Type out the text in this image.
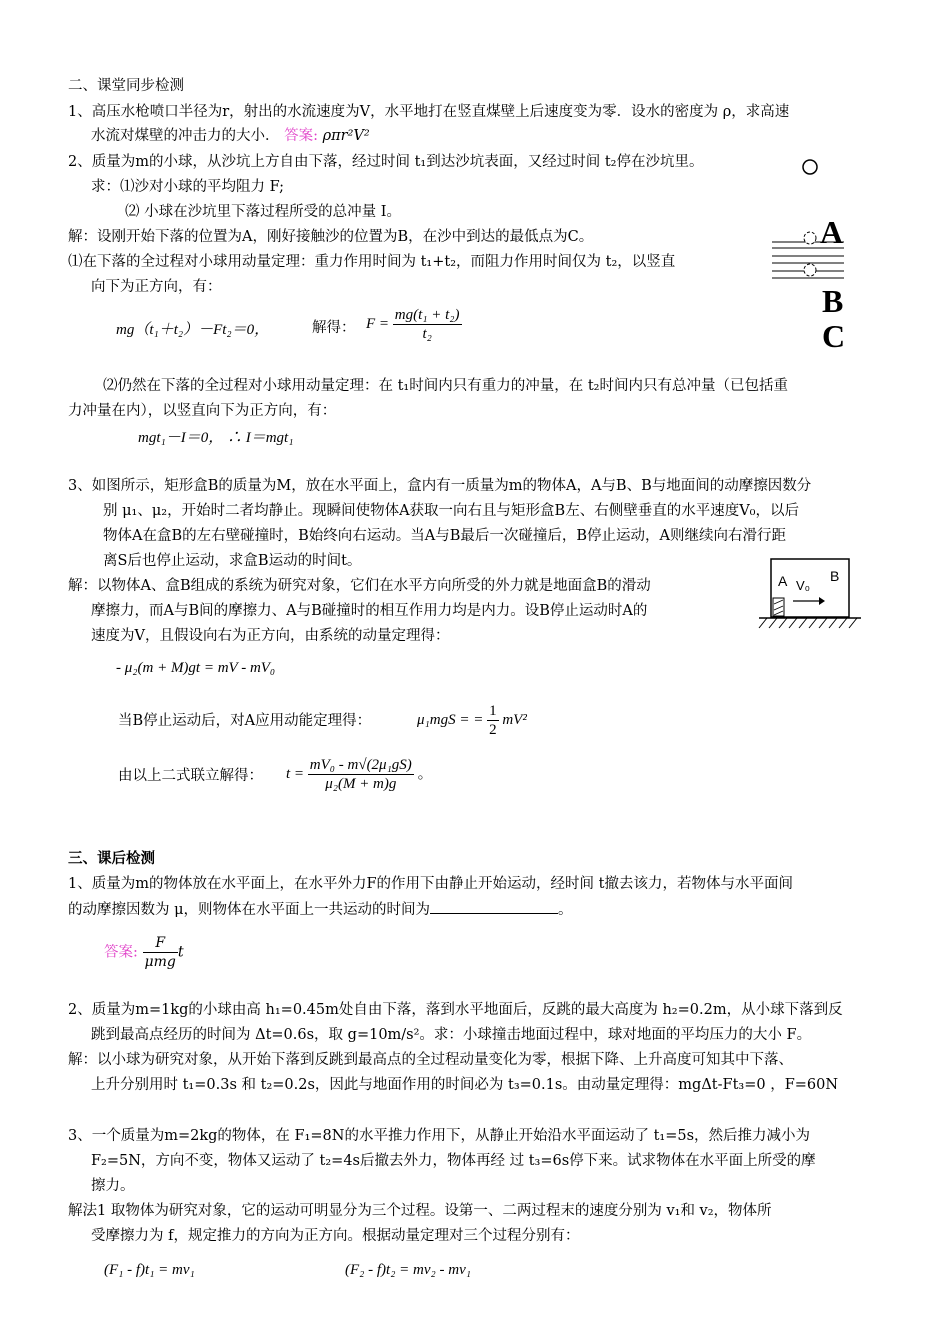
二、课堂同步检测
1、高压水枪喷口半径为r，射出的水流速度为V，水平地打在竖直煤壁上后速度变为零．设水的密度为 ρ，求高速
水流对煤壁的冲击力的大小． 答案: ρπr²V²
2、质量为m的小球，从沙坑上方自由下落，经过时间 t₁到达沙坑表面，又经过时间 t₂停在沙坑里。
求：⑴沙对小球的平均阻力 F;
⑵ 小球在沙坑里下落过程所受的总冲量 I。
解：设刚开始下落的位置为A，刚好接触沙的位置为B，在沙中到达的最低点为C。
⑴在下落的全过程对小球用动量定理：重力作用时间为 t₁+t₂，而阻力作用时间仅为 t₂，以竖直
向下为正方向，有：
mg（t₁＋t₂）－Ft₂＝0，	解得： $F = \frac{\text{mg(t₁ + t₂)}}{\text{t₂}}$
⑵仍然在下落的全过程对小球用动量定理：在 t₁时间内只有重力的冲量，在 t₂时间内只有总冲量（已包括重
力冲量在内），以竖直向下为正方向，有：
mgt₁－I＝0， ∴ I＝mgt₁
A
B
C
3、如图所示，矩形盒B的质量为M，放在水平面上，盒内有一质量为m的物体A，A与B、B与地面间的动摩擦因数分
别 μ₁、μ₂，开始时二者均静止。现瞬间使物体A获取一向右且与矩形盒B左、右侧壁垂直的水平速度V₀，以后
物体A在盒B的左右壁碰撞时，B始终向右运动。当A与B最后一次碰撞后，B停止运动，A则继续向右滑行距
离S后也停止运动，求盒B运动的时间t。
解：以物体A、盒B组成的系统为研究对象，它们在水平方向所受的外力就是地面盒B的滑动
摩擦力，而A与B间的摩擦力、A与B碰撞时的相互作用力均是内力。设B停止运动时A的
速度为V，且假设向右为正方向，由系统的动量定理得：
A V₀
B
- μ₂(m + M)gt = mV - mV₀
当B停止运动后，对A应用动能定理得：	μ₁mgS = = $\frac{1}{2} mV^2$
由以上二式联立解得： $t = \frac{\text{mV₀ - m√(2μ₁gS)}}{\text{μ₂(M + m)g}}$ 。
三、课后检测
1、质量为m的物体放在水平面上，在水平外力F的作用下由静止开始运动，经时间 t撤去该力，若物体与水平面间
的动摩擦因数为 μ，则物体在水平面上一共运动的时间为	。
答案: $\frac{F}{\text{μmg}}$ t
2、质量为m=1kg的小球由高 h₁=0.45m处自由下落，落到水平地面后，反跳的最大高度为 h₂=0.2m，从小球下落到反
跳到最高点经历的时间为 Δt=0.6s，取 g=10m/s²。求：小球撞击地面过程中，球对地面的平均压力的大小 F。
解：以小球为研究对象，从开始下落到反跳到最高点的全过程动量变化为零，根据下降、上升高度可知其中下落、
上升分别用时 t₁=0.3s 和 t₂=0.2s，因此与地面作用的时间必为 t₃=0.1s。由动量定理得：mgΔt-Ft₃=0 ，F=60N
3、一个质量为m=2kg的物体，在 F₁=8N的水平推力作用下，从静止开始沿水平面运动了 t₁=5s，然后推力减小为
F₂=5N，方向不变，物体又运动了 t₂=4s后撤去外力，物体再经 过 t₃=6s停下来。试求物体在水平面上所受的摩
擦力。
解法1 取物体为研究对象，它的运动可明显分为三个过程。设第一、二两过程末的速度分别为 v₁和 v₂，物体所
受摩擦力为 f，规定推力的方向为正方向。根据动量定理对三个过程分别有：
(F₁ - f)t₁ = mv₁	(F₂ - f)t₂ = mv₂ - mv₁
